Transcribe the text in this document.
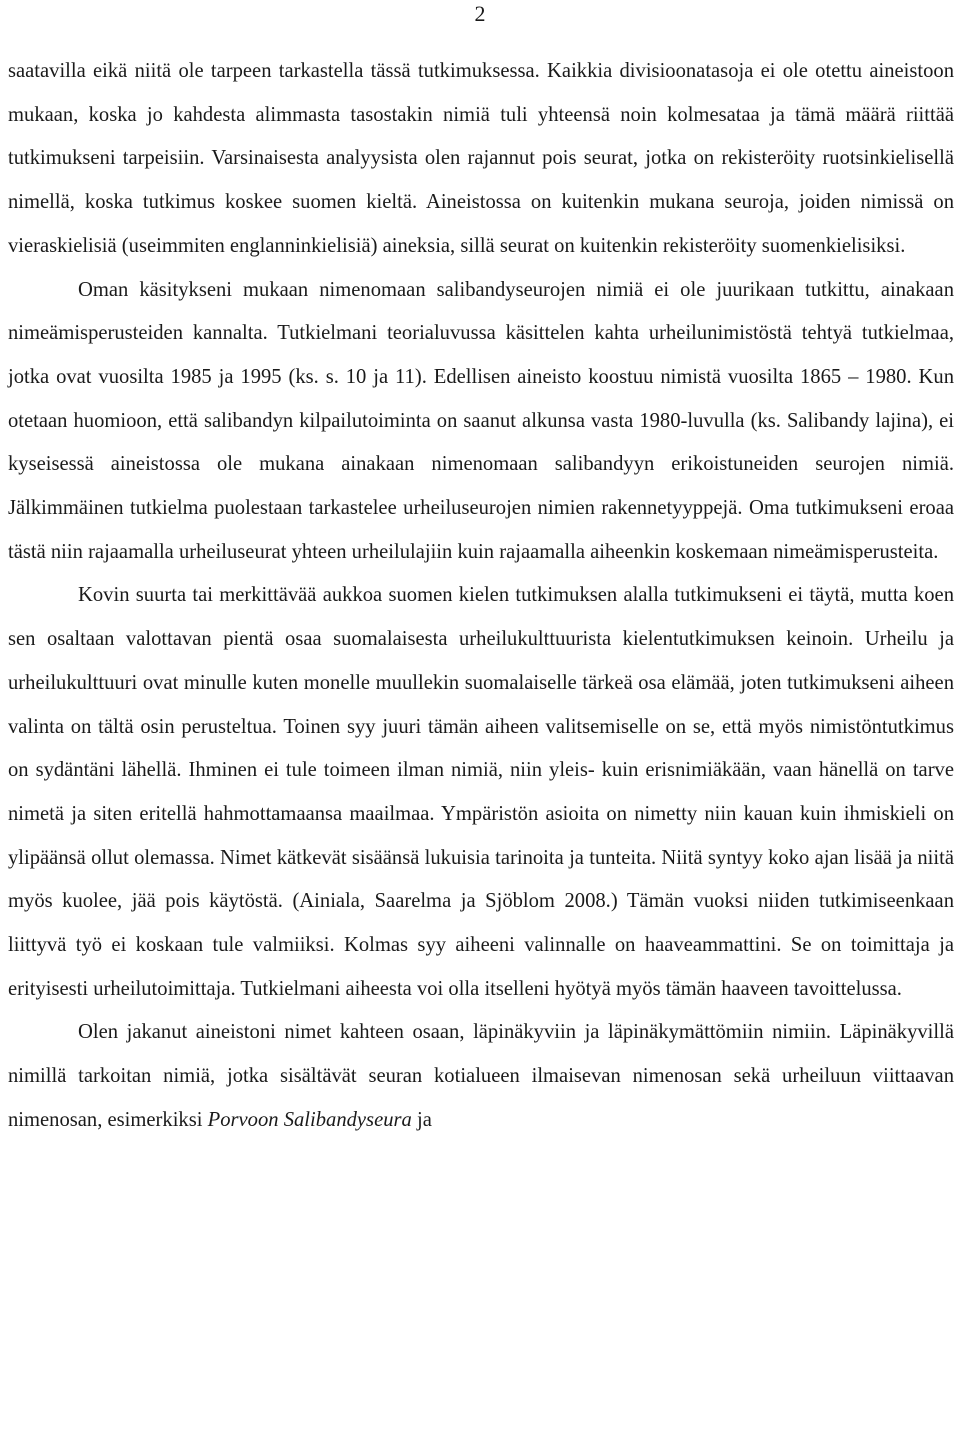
2

saatavilla eikä niitä ole tarpeen tarkastella tässä tutkimuksessa. Kaikkia divisioonatasoja ei ole otettu aineistoon mukaan, koska jo kahdesta alimmasta tasostakin nimiä tuli yhteensä noin kolmesataa ja tämä määrä riittää tutkimukseni tarpeisiin. Varsinaisesta analyysista olen rajannut pois seurat, jotka on rekisteröity ruotsinkielisellä nimellä, koska tutkimus koskee suomen kieltä. Aineistossa on kuitenkin mukana seuroja, joiden nimissä on vieraskielisiä (useimmiten englanninkielisiä) aineksia, sillä seurat on kuitenkin rekisteröity suomenkielisiksi.

Oman käsitykseni mukaan nimenomaan salibandyseurojen nimiä ei ole juurikaan tutkittu, ainakaan nimeämisperusteiden kannalta. Tutkielmani teorialuvussa käsittelen kahta urheilunimistöstä tehtyä tutkielmaa, jotka ovat vuosilta 1985 ja 1995 (ks. s. 10 ja 11). Edellisen aineisto koostuu nimistä vuosilta 1865 – 1980. Kun otetaan huomioon, että salibandyn kilpailutoiminta on saanut alkunsa vasta 1980-luvulla (ks. Salibandy lajina), ei kyseisessä aineistossa ole mukana ainakaan nimenomaan salibandyyn erikoistuneiden seurojen nimiä. Jälkimmäinen tutkielma puolestaan tarkastelee urheiluseurojen nimien rakennetyyppejä. Oma tutkimukseni eroaa tästä niin rajaamalla urheiluseurat yhteen urheilulajiin kuin rajaamalla aiheenkin koskemaan nimeämisperusteita.

Kovin suurta tai merkittävää aukkoa suomen kielen tutkimuksen alalla tutkimukseni ei täytä, mutta koen sen osaltaan valottavan pientä osaa suomalaisesta urheilukulttuurista kielentutkimuksen keinoin. Urheilu ja urheilukulttuuri ovat minulle kuten monelle muullekin suomalaiselle tärkeä osa elämää, joten tutkimukseni aiheen valinta on tältä osin perusteltua. Toinen syy juuri tämän aiheen valitsemiselle on se, että myös nimistöntutkimus on sydäntäni lähellä. Ihminen ei tule toimeen ilman nimiä, niin yleis- kuin erisnimiäkään, vaan hänellä on tarve nimetä ja siten eritellä hahmottamaansa maailmaa. Ympäristön asioita on nimetty niin kauan kuin ihmiskieli on ylipäänsä ollut olemassa. Nimet kätkevät sisäänsä lukuisia tarinoita ja tunteita. Niitä syntyy koko ajan lisää ja niitä myös kuolee, jää pois käytöstä. (Ainiala, Saarelma ja Sjöblom 2008.) Tämän vuoksi niiden tutkimiseenkaan liittyvä työ ei koskaan tule valmiiksi. Kolmas syy aiheeni valinnalle on haaveammattini. Se on toimittaja ja erityisesti urheilutoimittaja. Tutkielmani aiheesta voi olla itselleni hyötyä myös tämän haaveen tavoittelussa.

Olen jakanut aineistoni nimet kahteen osaan, läpinäkyviin ja läpinäkymättömiin nimiin. Läpinäkyvillä nimillä tarkoitan nimiä, jotka sisältävät seuran kotialueen ilmaisevan nimenosan sekä urheiluun viittaavan nimenosan, esimerkiksi Porvoon Salibandyseura ja
